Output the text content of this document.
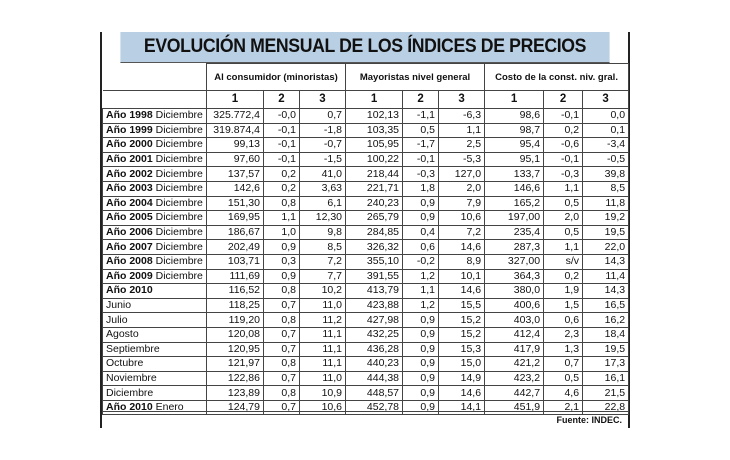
EVOLUCIÓN MENSUAL DE LOS ÍNDICES DE PRECIOS
	Al consumidor (minoristas)			Mayoristas nivel general			Costo de la const. niv. gral.		
	1	2	3	1	2	3	1	2	3
Año 1998 Diciembre	325.772,4	-0,0	0,7	102,13	-1,1	-6,3	98,6	-0,1	0,0
Año 1999 Diciembre	319.874,4	-0,1	-1,8	103,35	0,5	1,1	98,7	0,2	0,1
Año 2000 Diciembre	99,13	-0,1	-0,7	105,95	-1,7	2,5	95,4	-0,6	-3,4
Año 2001 Diciembre	97,60	-0,1	-1,5	100,22	-0,1	-5,3	95,1	-0,1	-0,5
Año 2002 Diciembre	137,57	0,2	41,0	218,44	-0,3	127,0	133,7	-0,3	39,8
Año 2003 Diciembre	142,6	0,2	3,63	221,71	1,8	2,0	146,6	1,1	8,5
Año 2004 Diciembre	151,30	0,8	6,1	240,23	0,9	7,9	165,2	0,5	11,8
Año 2005 Diciembre	169,95	1,1	12,30	265,79	0,9	10,6	197,00	2,0	19,2
Año 2006 Diciembre	186,67	1,0	9,8	284,85	0,4	7,2	235,4	0,5	19,5
Año 2007 Diciembre	202,49	0,9	8,5	326,32	0,6	14,6	287,3	1,1	22,0
Año 2008 Diciembre	103,71	0,3	7,2	355,10	-0,2	8,9	327,00	s/v	14,3
Año 2009 Diciembre	111,69	0,9	7,7	391,55	1,2	10,1	364,3	0,2	11,4
Año 2010	116,52	0,8	10,2	413,79	1,1	14,6	380,0	1,9	14,3
Junio	118,25	0,7	11,0	423,88	1,2	15,5	400,6	1,5	16,5
Julio	119,20	0,8	11,2	427,98	0,9	15,2	403,0	0,6	16,2
Agosto	120,08	0,7	11,1	432,25	0,9	15,2	412,4	2,3	18,4
Septiembre	120,95	0,7	11,1	436,28	0,9	15,3	417,9	1,3	19,5
Octubre	121,97	0,8	11,1	440,23	0,9	15,0	421,2	0,7	17,3
Noviembre	122,86	0,7	11,0	444,38	0,9	14,9	423,2	0,5	16,1
Diciembre	123,89	0,8	10,9	448,57	0,9	14,6	442,7	4,6	21,5
Año 2010 Enero	124,79	0,7	10,6	452,78	0,9	14,1	451,9	2,1	22,8
Fuente: INDEC.
